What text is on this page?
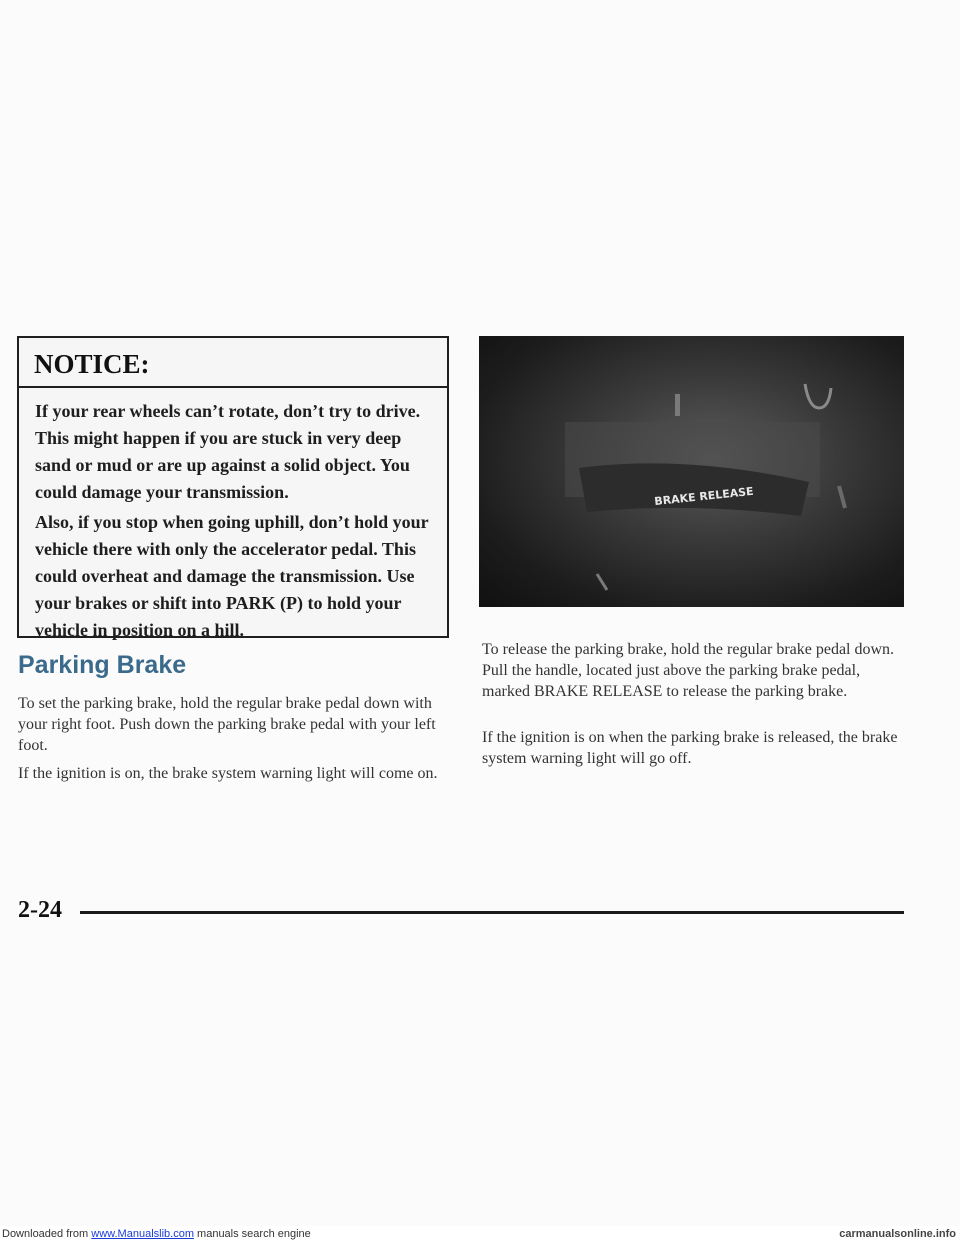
NOTICE:

If your rear wheels can’t rotate, don’t try to drive. This might happen if you are stuck in very deep sand or mud or are up against a solid object. You could damage your transmission.

Also, if you stop when going uphill, don’t hold your vehicle there with only the accelerator pedal. This could overheat and damage the transmission. Use your brakes or shift into PARK (P) to hold your vehicle in position on a hill.

Parking Brake

To set the parking brake, hold the regular brake pedal down with your right foot. Push down the parking brake pedal with your left foot.

If the ignition is on, the brake system warning light will come on.

BRAKE RELEASE

To release the parking brake, hold the regular brake pedal down. Pull the handle, located just above the parking brake pedal, marked BRAKE RELEASE to release the parking brake.

If the ignition is on when the parking brake is released, the brake system warning light will go off.

2-24
Downloaded from www.Manualslib.com manuals search engine	carmanualsonline.info
